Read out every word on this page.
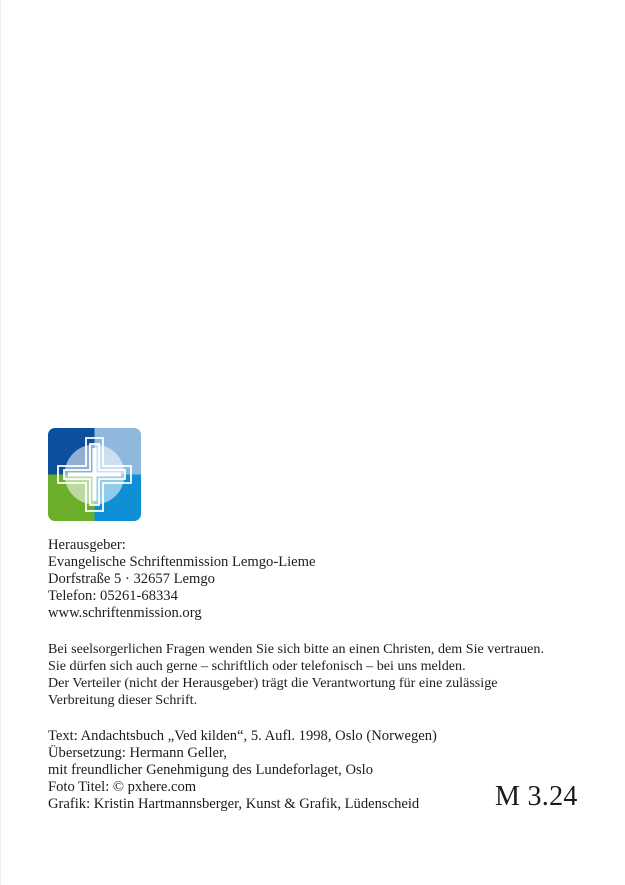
Herausgeber:
Evangelische Schriftenmission Lemgo-Lieme
Dorfstraße 5 · 32657 Lemgo
Telefon: 05261-68334
www.schriftenmission.org
Bei seelsorgerlichen Fragen wenden Sie sich bitte an einen Christen, dem Sie vertrauen.
Sie dürfen sich auch gerne – schriftlich oder telefonisch – bei uns melden.
Der Verteiler (nicht der Herausgeber) trägt die Verantwortung für eine zulässige
Verbreitung dieser Schrift.
Text: Andachtsbuch „Ved kilden“, 5. Aufl. 1998, Oslo (Norwegen)
Übersetzung: Hermann Geller,
mit freundlicher Genehmigung des Lundeforlaget, Oslo
Foto Titel: © pxhere.com
Grafik: Kristin Hartmannsberger, Kunst & Grafik, Lüdenscheid	M 3.24
